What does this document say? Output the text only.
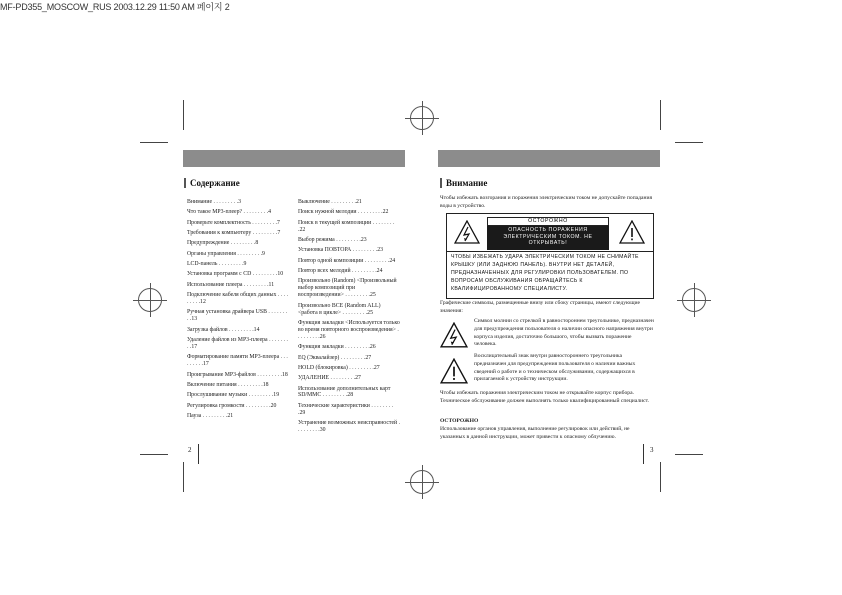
MF-PD355_MOSCOW_RUS 2003.12.29 11:50 AM 페이지 2
Содержание
Внимание . . . . . . . . .3
Что такое MP3-плеер? . . . . . . . . .4
Проверьте комплектность . . . . . . . . .7
Требования к компьютеру . . . . . . . . .7
Предупреждение . . . . . . . . .8
Органы управления . . . . . . . . .9
LCD-панель . . . . . . . . .9
Установка программ с CD . . . . . . . . .10
Использование плеера . . . . . . . . .11
Подключение кабеля общих данных . . . . . . . . .12
Ручная установка драйвера USB . . . . . . . . .13
Загрузка файлов . . . . . . . . .14
Удаление файлов из MP3-плеера . . . . . . . . .17
Форматирование памяти MP3-плеера . . . . . . . . .17
Проигрывание MP3-файлов . . . . . . . . .18
Включение питания . . . . . . . . .18
Прослушивание музыки . . . . . . . . .19
Регулировка громкости . . . . . . . . .20
Пауза . . . . . . . . .21
Выключение . . . . . . . . .21
Поиск нужной мелодии . . . . . . . . .22
Поиск в текущей композиции . . . . . . . . .22
Выбор режима . . . . . . . . .23
Установка ПОВТОРА . . . . . . . . .23
Повтор одной композиции . . . . . . . . .24
Повтор всех мелодий . . . . . . . . .24
Произвольно (Random) <Произвольный выбор композиций при воспроизведении> . . . . . . . . .25
Произвольно ВСЕ (Random ALL) <работа в цикле> . . . . . . . . .25
Функция закладки <Используется только во время повторного воспроизведения> . . . . . . . . .26
Функция закладки . . . . . . . . .26
EQ (Эквалайзер) . . . . . . . . .27
HOLD (блокировка) . . . . . . . . .27
УДАЛЕНИЕ . . . . . . . . .27
Использование дополнительных карт SD/MMC . . . . . . . . .28
Технические характеристики . . . . . . . . .29
Устранение возможных неисправностей . . . . . . . . .30
2
Внимание
Чтобы избежать возгорания и поражения электрическим током не допускайте попадания воды в устройство.
ОСТОРОЖНО
ОПАСНОСТЬ ПОРАЖЕНИЯ ЭЛЕКТРИЧЕСКИМ ТОКОМ. НЕ ОТКРЫВАТЬ!
ЧТОБЫ ИЗБЕЖАТЬ УДАРА ЭЛЕКТРИЧЕСКИМ ТОКОМ НЕ СНИМАЙТЕ КРЫШКУ (ИЛИ ЗАДНЮЮ ПАНЕЛЬ). ВНУТРИ НЕТ ДЕТАЛЕЙ, ПРЕДНАЗНАЧЕННЫХ ДЛЯ РЕГУЛИРОВКИ ПОЛЬЗОВАТЕЛЕМ. ПО ВОПРОСАМ ОБСЛУЖИВАНИЯ ОБРАЩАЙТЕСЬ К КВАЛИФИЦИРОВАННОМУ СПЕЦИАЛИСТУ.
Графические символы, размещенные внизу или сбоку страницы, имеют следующие значения:
Символ молнии со стрелкой в равностороннем треугольнике, предназначен для предупреждения пользователя о наличии опасного напряжения внутри корпуса изделия, достаточно большого, чтобы вызвать поражение человека.
Восклицательный знак внутри равностороннего треугольника предназначен для предупреждения пользователя о наличии важных сведений о работе и о техническом обслуживании, содержащихся в прилагаемой к устройству инструкции.
Чтобы избежать поражения электрическим током не открывайте корпус прибора. Техническое обслуживание должен выполнять только квалифицированный специалист.
ОСТОРОЖНО
Использование органов управления, выполнение регулировок или действий, не указанных в данной инструкции, может привести к опасному облучению.
3
